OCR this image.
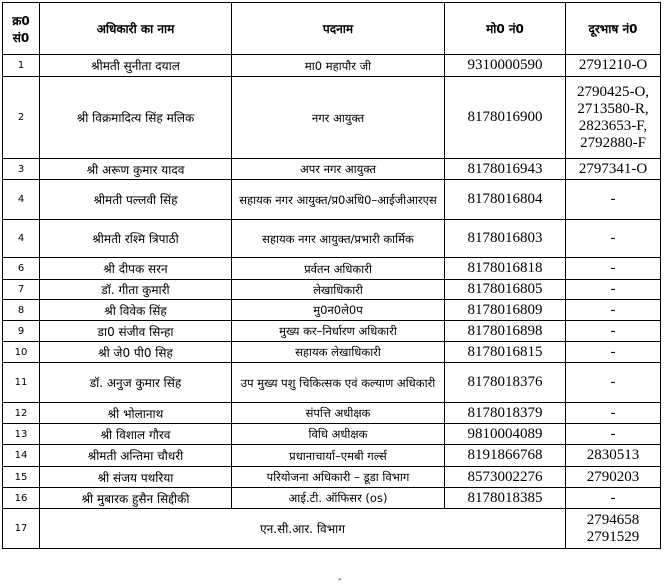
क्र0
सं0	अधिकारी का नाम	पदनाम	मो0 नं0	दूरभाष नं0
1	श्रीमती सुनीता दयाल	मा0 महापौर जी	9310000590	2791210-O

2	श्री विक्रमादित्य सिंह मलिक	नगर आयुक्त	8178016900	2790425-O,
2713580-R,
2823653-F,
2792880-F

3	श्री अरूण कुमार यादव	अपर नगर आयुक्त	8178016943	2797341-O

4	श्रीमती पल्लवी सिंह	सहायक नगर आयुक्त/प्र0अधि0–आईजीआरएस	8178016804	-

4	श्रीमती रश्मि त्रिपाठी	सहायक नगर आयुक्त/प्रभारी कार्मिक	8178016803	-

6	श्री दीपक सरन	प्रर्वतन अधिकारी	8178016818	-

7	डॉ. गीता कुमारी	लेखाधिकारी	8178016805	-

8	श्री विवेक सिंह	मु0न0ले0प	8178016809	-

9	डा0 संजीव सिन्हा	मुख्य कर–निर्धारण अधिकारी	8178016898	-

10	श्री जे0 पी0 सिह	सहायक लेखाधिकारी	8178016815	-

11	डॉ. अनुज कुमार सिंह	उप मुख्य पशु चिकित्सक एवं कल्याण अधिकारी	8178018376	-

12	श्री भोलानाथ	संपत्ति अधीक्षक	8178018379	-

13	श्री विशाल गौरव	विधि अधीक्षक	9810004089	-

14	श्रीमती अन्तिमा चौधरी	प्रधानाचार्या–एमबी गर्ल्स	8191866768	2830513

15	श्री संजय पथरिया	परियोजना अधिकारी – डूडा विभाग	8573002276	2790203

16	श्री मुबारक हुसैन सिद्दीकी	आई.टी. ऑफिसर (os)	8178018385	-

17	एन.सी.आर. विभाग			2794658
2791529
-
